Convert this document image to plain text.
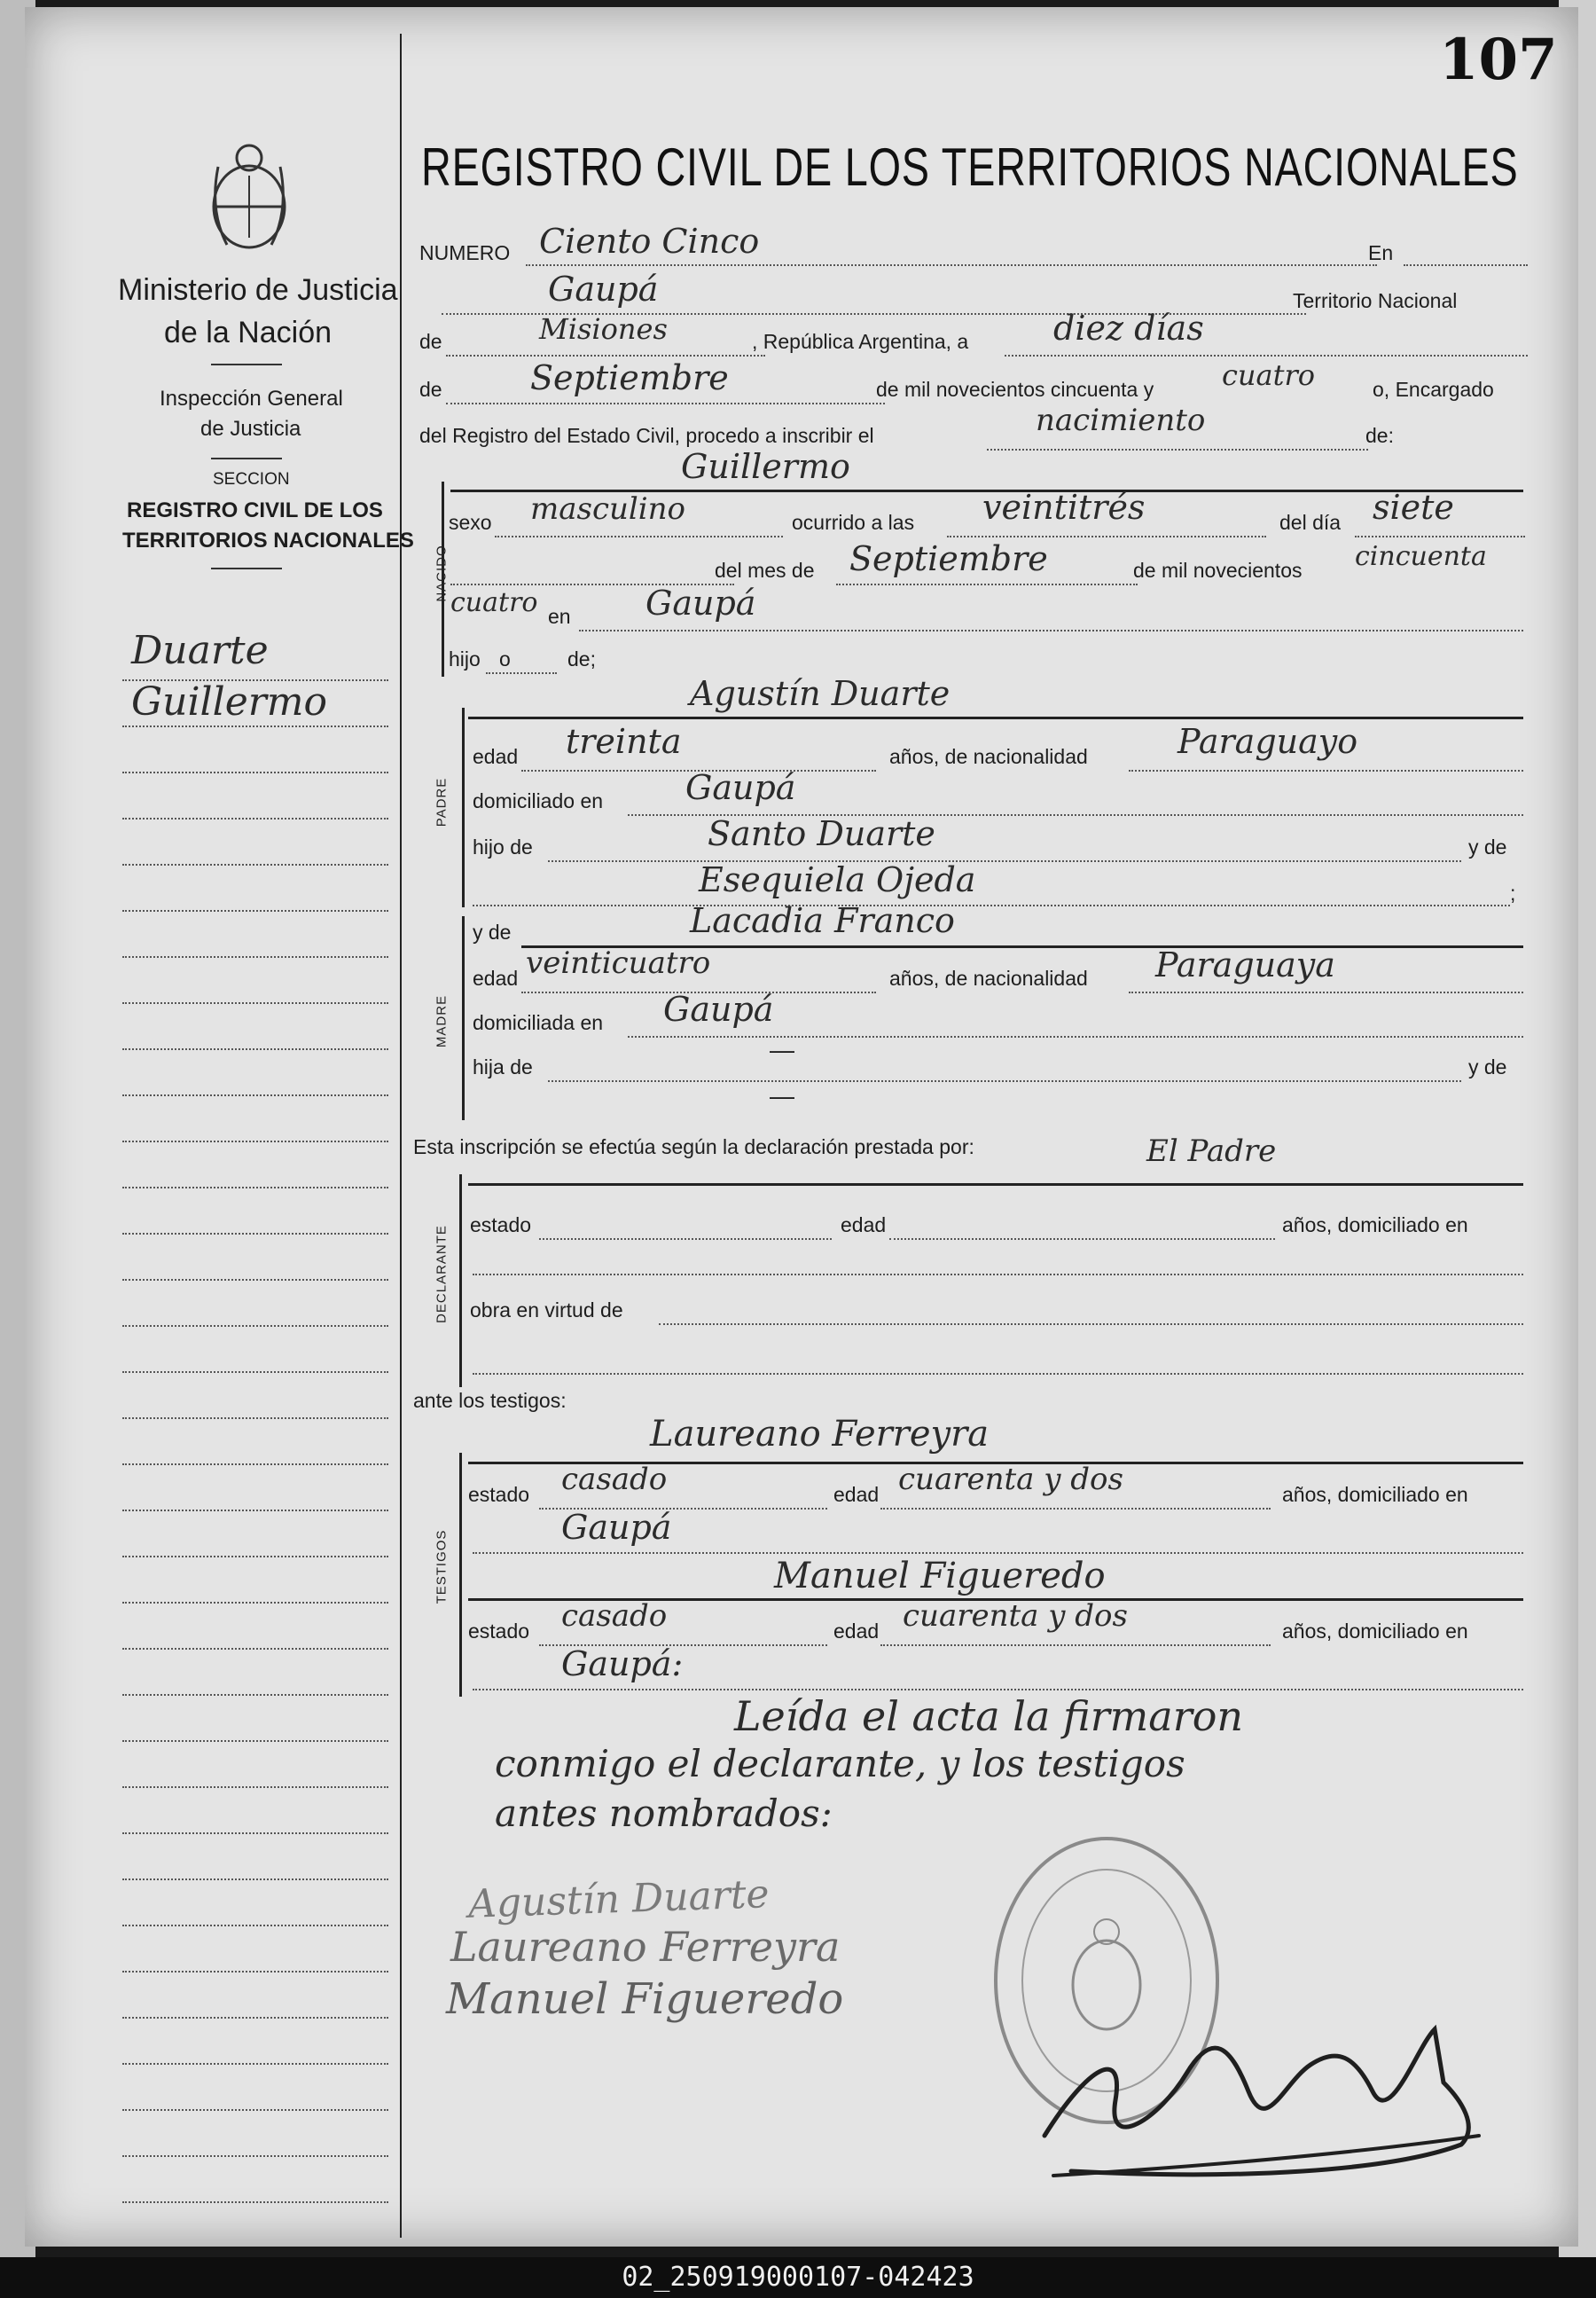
107
Ministerio de Justicia
de la Nación
Inspección General
de Justicia
SECCION
REGISTRO CIVIL DE LOS
TERRITORIOS NACIONALES
Duarte
Guillermo
REGISTRO CIVIL DE LOS TERRITORIOS NACIONALES
NUMERO Ciento Cinco	En
Gaupá	Territorio Nacional
de	Misiones	, República Argentina, a	diez días
de	Septiembre	de mil novecientos cincuenta y cuatro	o, Encargado
del Registro del Estado Civil, procedo a inscribir el	nacimiento	de:
Guillermo
NACIDO
sexo masculino	ocurrido a las veintitrés	del día siete
del mes de Septiembre	de mil novecientos cincuenta
cuatro en Gaupá
hijo o	de;
Agustín Duarte
PADRE
edad treinta	años, de nacionalidad	Paraguayo
domiciliado en Gaupá
hijo de	Santo Duarte	y de
Esequiela Ojeda	;
MADRE
y de	Lacadia Franco
edad veinticuatro	años, de nacionalidad Paraguaya
domiciliada en Gaupá
hija de
—
y de
—
Esta inscripción se efectúa según la declaración prestada por:	El Padre
DECLARANTE
estado	edad	años, domiciliado en
obra en virtud de
ante los testigos:
Laureano Ferreyra
TESTIGOS
estado casado	edad cuarenta y dos	años, domiciliado en
Gaupá
Manuel Figueredo
estado casado	edad cuarenta y dos	años, domiciliado en
Gaupá:
Leída el acta la firmaron
conmigo el declarante, y los testigos
antes nombrados:
Agustín Duarte
Laureano Ferreyra
Manuel Figueredo
02_250919000107-042423
